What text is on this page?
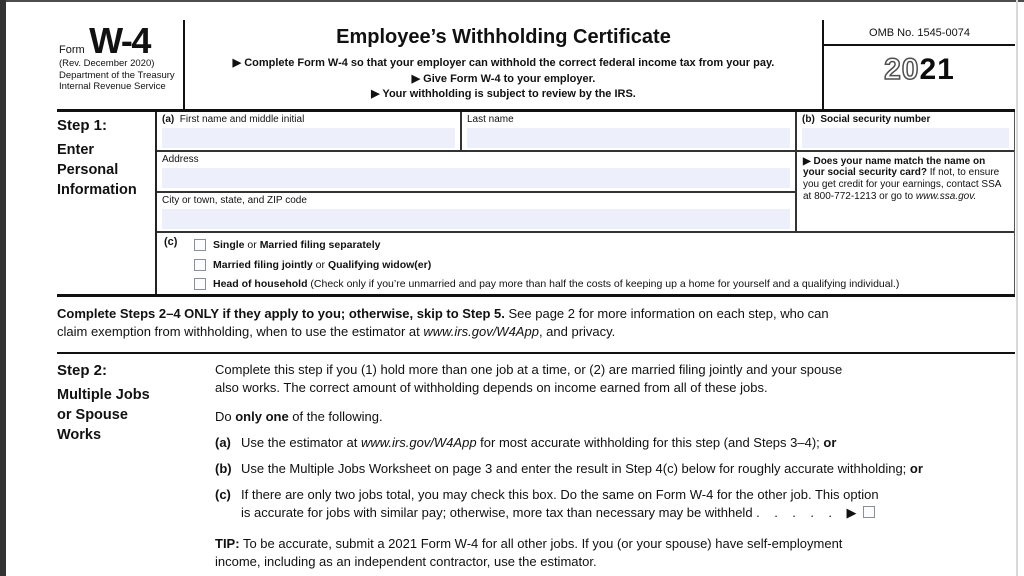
Form W-4
(Rev. December 2020)
Department of the Treasury
Internal Revenue Service
Employee’s Withholding Certificate
▶ Complete Form W-4 so that your employer can withhold the correct federal income tax from your pay.
▶ Give Form W-4 to your employer.
▶ Your withholding is subject to review by the IRS.
OMB No. 1545-0074
2021
Step 1:
Enter
Personal
Information
(a)  First name and middle initial	Last name	(b)  Social security number
Address
City or town, state, and ZIP code
▶ Does your name match the name on your social security card? If not, to ensure you get credit for your earnings, contact SSA at 800-772-1213 or go to www.ssa.gov.
(c)	Single or Married filing separately
Married filing jointly or Qualifying widow(er)
Head of household (Check only if you’re unmarried and pay more than half the costs of keeping up a home for yourself and a qualifying individual.)
Complete Steps 2–4 ONLY if they apply to you; otherwise, skip to Step 5. See page 2 for more information on each step, who can
claim exemption from withholding, when to use the estimator at www.irs.gov/W4App, and privacy.
Step 2:
Multiple Jobs
or Spouse
Works
Complete this step if you (1) hold more than one job at a time, or (2) are married filing jointly and your spouse
also works. The correct amount of withholding depends on income earned from all of these jobs.
Do only one of the following.
(a) Use the estimator at www.irs.gov/W4App for most accurate withholding for this step (and Steps 3–4); or
(b) Use the Multiple Jobs Worksheet on page 3 and enter the result in Step 4(c) below for roughly accurate withholding; or
(c) If there are only two jobs total, you may check this box. Do the same on Form W-4 for the other job. This option
is accurate for jobs with similar pay; otherwise, more tax than necessary may be withheld .    .    .    .    .    ▶
TIP: To be accurate, submit a 2021 Form W-4 for all other jobs. If you (or your spouse) have self-employment
income, including as an independent contractor, use the estimator.
